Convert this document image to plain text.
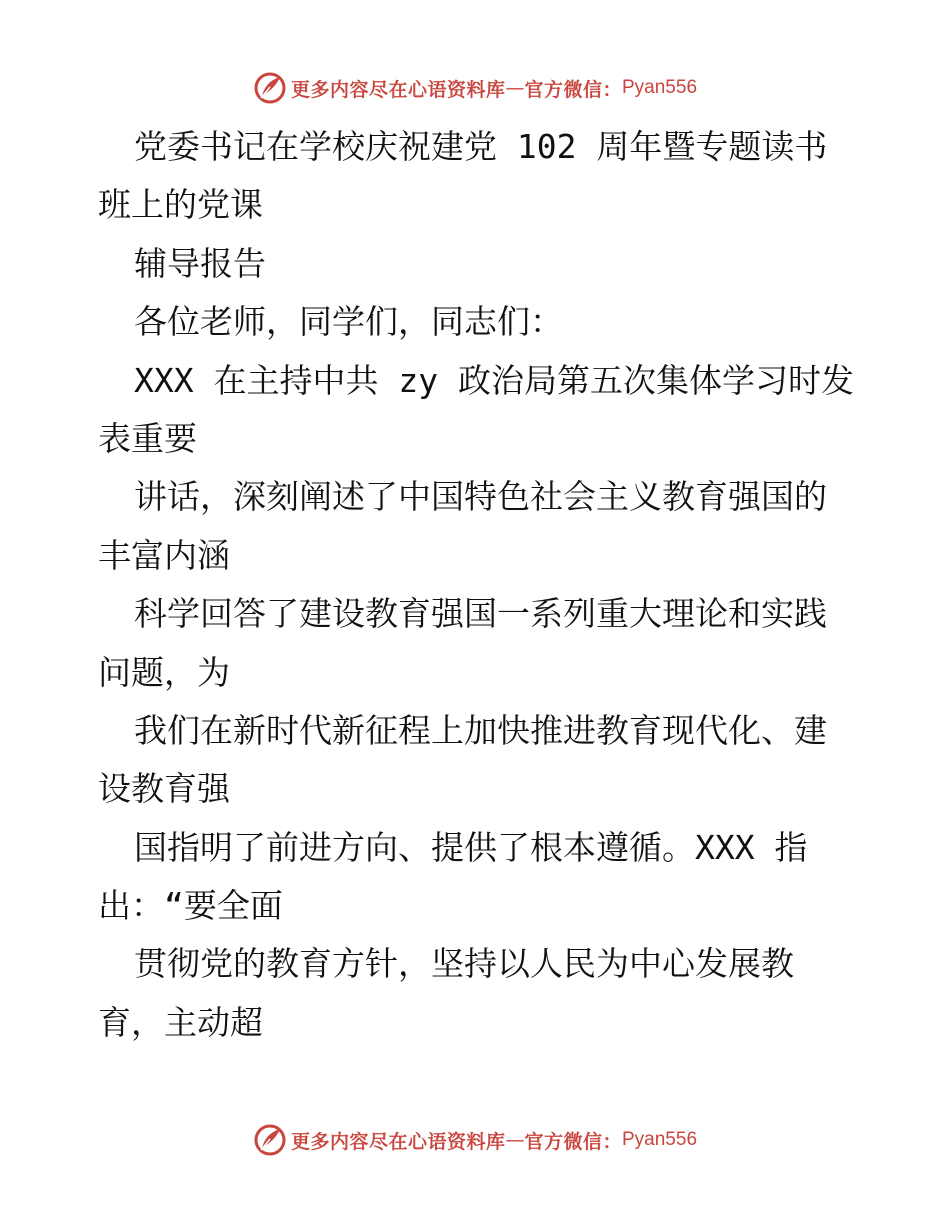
更多内容尽在心语资料库 — 官方微信： Pyan556
党委书记在学校庆祝建党 102 周年暨专题读书
班上的党课
辅导报告
各位老师，同学们，同志们：
XXX 在主持中共 zy 政治局第五次集体学习时发
表重要
讲话，深刻阐述了中国特色社会主义教育强国的
丰富内涵
科学回答了建设教育强国一系列重大理论和实践
问题，为
我们在新时代新征程上加快推进教育现代化、建
设教育强
国指明了前进方向、提供了根本遵循。XXX 指
出：“要全面
贯彻党的教育方针，坚持以人民为中心发展教
育，主动超
更多内容尽在心语资料库 — 官方微信： Pyan556
